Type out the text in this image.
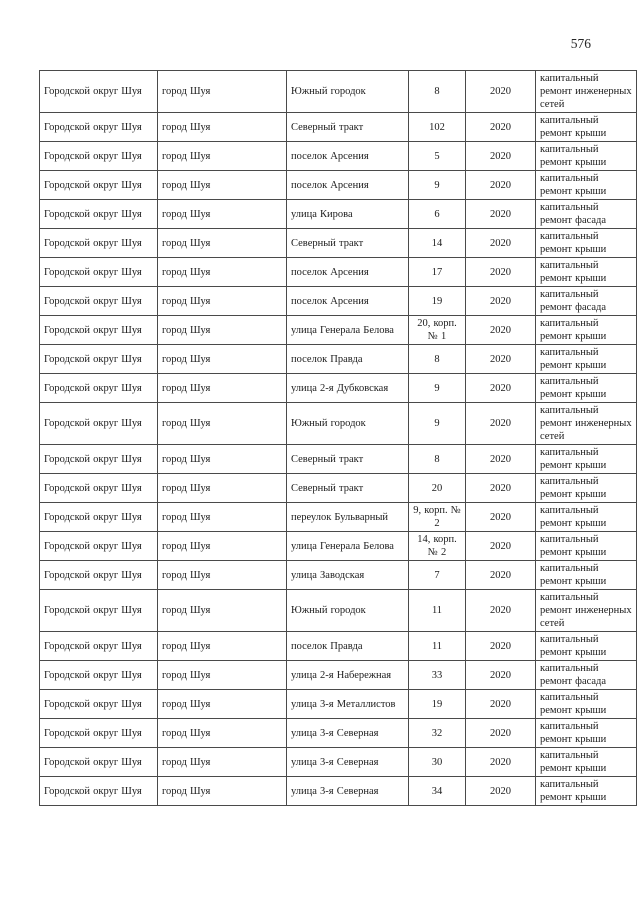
576
Городской округ Шуя	город Шуя	Южный городок	8	2020	капитальный ремонт инженерных сетей
Городской округ Шуя	город Шуя	Северный тракт	102	2020	капитальный ремонт крыши
Городской округ Шуя	город Шуя	поселок Арсения	5	2020	капитальный ремонт крыши
Городской округ Шуя	город Шуя	поселок Арсения	9	2020	капитальный ремонт крыши
Городской округ Шуя	город Шуя	улица Кирова	6	2020	капитальный ремонт фасада
Городской округ Шуя	город Шуя	Северный тракт	14	2020	капитальный ремонт крыши
Городской округ Шуя	город Шуя	поселок Арсения	17	2020	капитальный ремонт крыши
Городской округ Шуя	город Шуя	поселок Арсения	19	2020	капитальный ремонт фасада
Городской округ Шуя	город Шуя	улица Генерала Белова	20, корп. № 1	2020	капитальный ремонт крыши
Городской округ Шуя	город Шуя	поселок Правда	8	2020	капитальный ремонт крыши
Городской округ Шуя	город Шуя	улица 2-я Дубковская	9	2020	капитальный ремонт крыши
Городской округ Шуя	город Шуя	Южный городок	9	2020	капитальный ремонт инженерных сетей
Городской округ Шуя	город Шуя	Северный тракт	8	2020	капитальный ремонт крыши
Городской округ Шуя	город Шуя	Северный тракт	20	2020	капитальный ремонт крыши
Городской округ Шуя	город Шуя	переулок Бульварный	9, корп. № 2	2020	капитальный ремонт крыши
Городской округ Шуя	город Шуя	улица Генерала Белова	14, корп. № 2	2020	капитальный ремонт крыши
Городской округ Шуя	город Шуя	улица Заводская	7	2020	капитальный ремонт крыши
Городской округ Шуя	город Шуя	Южный городок	11	2020	капитальный ремонт инженерных сетей
Городской округ Шуя	город Шуя	поселок Правда	11	2020	капитальный ремонт крыши
Городской округ Шуя	город Шуя	улица 2-я Набережная	33	2020	капитальный ремонт фасада
Городской округ Шуя	город Шуя	улица 3-я Металлистов	19	2020	капитальный ремонт крыши
Городской округ Шуя	город Шуя	улица 3-я Северная	32	2020	капитальный ремонт крыши
Городской округ Шуя	город Шуя	улица 3-я Северная	30	2020	капитальный ремонт крыши
Городской округ Шуя	город Шуя	улица 3-я Северная	34	2020	капитальный ремонт крыши
